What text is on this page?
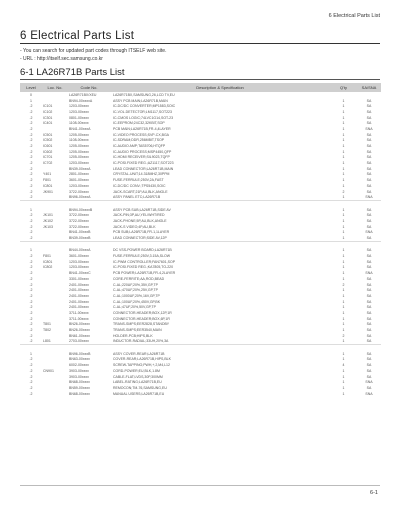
6 Electrical Parts List
6 Electrical Parts List
- You can search for updated part codes through ITSELF web site.
- URL : http://itself.sec.samsung.co.kr
6-1 LA26R71B Parts List
Level	Loc. No.	Code No.	Description & Specification	Q'ty	SA/SNA
0		LA26R71BX/XEU	LA26R71BX,SAMSUNG,26,LCD TV,EU		
1		BN94-00xxxxA	ASSY PCB MAIN;LA26R71B,MAIN	1	SA
.2	IC101	1203-00xxxx	IC-DC/DC CONVERTER;MP1583,SOIC	1	SA
.2	IC102	1203-00xxxx	IC-VOL.DETECTOR;LM1117,SOT223	1	SA
.2	IC301	0801-00xxxx	IC-CMOS LOGIC;74LVC1G14,SOT-23	1	SA
.2	IC401	1108-00xxxx	IC-EEPROM;24C32,32KBIT,SOP	1	SA
.2		BN41-00xxxA	PCB MAIN;LA26R71B,FR-4,4LAYER	1	SNA
.2	IC501	1205-00xxxx	IC-VIDEO PROCESS;SVP-CX,BGA	1	SA
.2	IC502	1108-00xxxx	IC-SDRAM;DDR,256MBIT,TSOP	1	SA
.2	IC601	1205-00xxxx	IC-AUDIO AMP;TAS5706,HTQFP	1	SA
.2	IC602	1205-00xxxx	IC-AUDIO PROCESS;MSP4450,QFP	1	SA
.2	IC701	1205-00xxxx	IC-HDMI RECEIVER;SIL9023,TQFP	1	SA
.2	IC702	1203-00xxxx	IC-POSI.FIXED REG.;AZ1117,SOT223	1	SA
.2		BN39-00xxxA	LEAD CONNECTOR;LA26R71B,MAIN	1	SA
.2	Y401	2801-00xxxx	CRYSTAL-UNIT;14.318MHZ,30PPM	1	SA
.2	F801	3601-00xxxx	FUSE-FERRULE;250V,2A,FAST	1	SA
.2	IC801	1203-00xxxx	IC-DC/DC CONV.;TPS5430,SOIC	1	SA
.2	JK901	3722-00xxxx	JACK-SCART;21P,AU,BLK,ANGLE	2	SA
.2		BN96-00xxxA	ASSY PANEL ETC;LA26R71B	1	SNA

1		BN94-00xxxxB	ASSY PCB SUB;LA26R71B,SIDE AV	1	SA
.2	JK101	3722-00xxxx	JACK-PIN;3P,AU,YEL/WHT/RED	1	SA
.2	JK102	3722-00xxxx	JACK-PHONE;5P,AU,BLK,ANGLE	1	SA
.2	JK103	3722-00xxxx	JACK-S VIDEO;4P,AU,BLK	1	SA
.2		BN41-00xxxB	PCB SUB;LA26R71B,FR-1,1LAYER	1	SNA
.2		BN39-00xxxB	LEAD CONNECTOR;SIDE AV,12P	1	SA

1		BN44-00xxxA	DC VSS-POWER BOARD;LA26R71B	1	SA
.2	F801	3601-00xxxx	FUSE-FERRULE;250V,3.15A,SLOW	1	SA
.2	IC801	1203-00xxxx	IC-PWM CONTROLLER;FAN7601,SOP	1	SA
.2	IC802	1203-00xxxx	IC-POSI.FIXED REG.;KA7805,TO-220	1	SA
.2		BN41-00xxxC	PCB POWER;LA26R71B,FR-4,2LAYER	1	SNA
.2		3301-00xxxx	CORE-FERRITE;AA,ROD,BEAD	1	SA
.2		2401-00xxxx	C-AL;220UF,20%,35V,GP,TP	2	SA
.2		2401-00xxxx	C-AL;470UF,20%,25V,GP,TP	1	SA
.2		2401-00xxxx	C-AL;1000UF,20%,16V,GP,TP	1	SA
.2		2401-00xxxx	C-AL;100UF,20%,450V,GP,BK	1	SA
.2		2401-00xxxx	C-AL;47UF,20%,50V,GP,TP	1	SA
.2		3711-00xxxx	CONNECTOR-HEADER;BOX,12P,1R	1	SA
.2		3711-00xxxx	CONNECTOR-HEADER;BOX,6P,1R	1	SA
.2	T801	BN26-00xxxx	TRANS-SMPS;EER2828,STANDBY	1	SA
.2	T802	BN26-00xxxx	TRANS-SMPS;EER3540,MAIN	1	SA
.2		BN61-00xxxx	HOLDER-PCB;HIPS,BLK	2	SA
.2	L801	2703-00xxxx	INDUCTOR-RADIAL;33UH,20%,3A	1	SA

1		BN96-00xxxB	ASSY COVER-REAR;LA26R71B	1	SA
.2		BN63-00xxxx	COVER-REAR;LA26R71B,HIPS,BLK	1	SA
.2		6002-00xxxx	SCREW-TAPPING;PWH,+,2,M4,L12	4	SA
.2	CN901	3903-00xxxx	CORD-POWER;EU,BLK,1.8M	1	SA
.2		3903-00xxxx	CABLE-FLAT;LVDS,30P,300MM	1	SA
.2		BN68-00xxxx	LABEL-RATING;LA26R71B,EU	1	SNA
.2		BN59-00xxxx	REMOCON;TM-76,SAMSUNG,EU	1	SA
.2		BN68-00xxxx	MANUAL USERS;LA26R71B,EU	1	SNA
6-1
